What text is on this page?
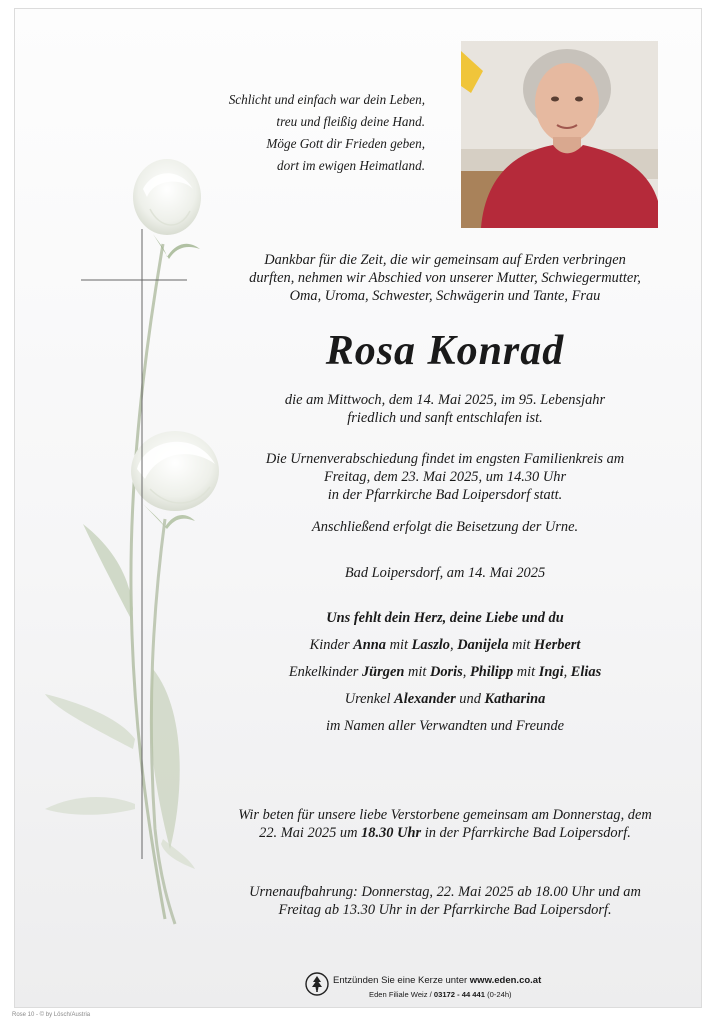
Schlicht und einfach war dein Leben,
treu und fleißig deine Hand.
Möge Gott dir Frieden geben,
dort im ewigen Heimatland.
Dankbar für die Zeit, die wir gemeinsam auf Erden verbringen
durften, nehmen wir Abschied von unserer Mutter, Schwiegermutter,
Oma, Uroma, Schwester, Schwägerin und Tante, Frau
Rosa Konrad
die am Mittwoch, dem 14. Mai 2025, im 95. Lebensjahr
friedlich und sanft entschlafen ist.
Die Urnenverabschiedung findet im engsten Familienkreis am
Freitag, dem 23. Mai 2025, um 14.30 Uhr
in der Pfarrkirche Bad Loipersdorf statt.
Anschließend erfolgt die Beisetzung der Urne.
Bad Loipersdorf, am 14. Mai 2025
Uns fehlt dein Herz, deine Liebe und du
Kinder Anna mit Laszlo, Danijela mit Herbert
Enkelkinder Jürgen mit Doris, Philipp mit Ingi, Elias
Urenkel Alexander und Katharina
im Namen aller Verwandten und Freunde
Wir beten für unsere liebe Verstorbene gemeinsam am Donnerstag, dem
22. Mai 2025 um 18.30 Uhr in der Pfarrkirche Bad Loipersdorf.
Urnenaufbahrung: Donnerstag, 22. Mai 2025 ab 18.00 Uhr und am
Freitag ab 13.30 Uhr in der Pfarrkirche Bad Loipersdorf.
Entzünden Sie eine Kerze unter www.eden.co.at
Eden Filiale Weiz / 03172 - 44 441 (0-24h)
Rose 10 - © by Lösch/Austria
